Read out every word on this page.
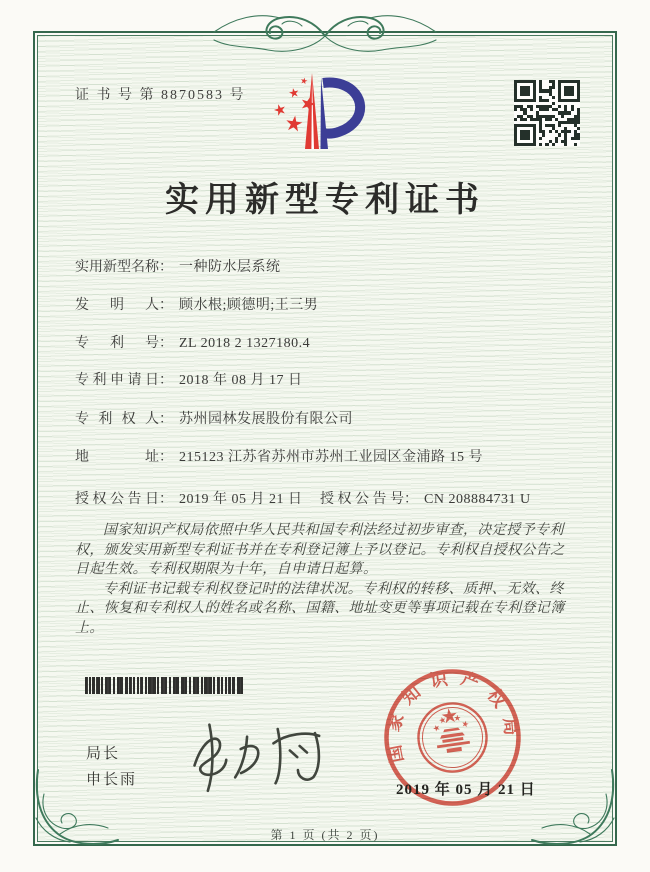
证 书 号 第 8870583 号
实用新型专利证书
实用新型名称： 一种防水层系统
发明人： 顾水根;顾德明;王三男
专利号： ZL 2018 2 1327180.4
专利申请日： 2018 年 08 月 17 日
专利权人： 苏州园林发展股份有限公司
地址： 215123 江苏省苏州市苏州工业园区金浦路 15 号
授权公告日： 2019 年 05 月 21 日 授权公告号： CN 208884731 U

国家知识产权局依照中华人民共和国专利法经过初步审查，决定授予专利权，颁发实用新型专利证书并在专利登记簿上予以登记。专利权自授权公告之日起生效。专利权期限为十年，自申请日起算。

专利证书记载专利权登记时的法律状况。专利权的转移、质押、无效、终止、恢复和专利权人的姓名或名称、国籍、地址变更等事项记载在专利登记簿上。

局长
申长雨
国家知识产权局
2019 年 05 月 21 日
第 1 页 (共 2 页)
